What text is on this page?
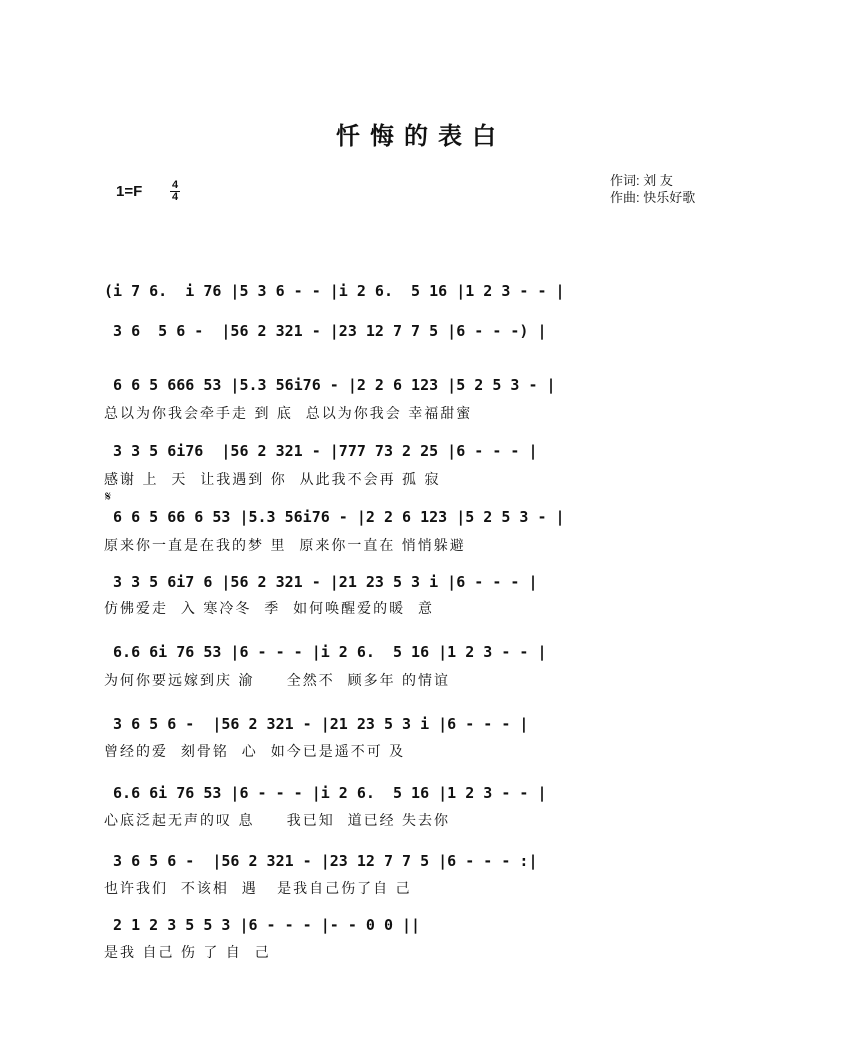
忏悔的表白
1=F	4
4
作词: 刘 友
作曲: 快乐好歌
𝄋
(i 7 6.  i 76 |5 3 6 - - |i 2 6.  5 16 |1 2 3 - - |
3 6  5 6 -  |56 2 321 - |23 12 7 7 5 |6 - - -) |
6 6 5 666 53 |5.3 56i76 - |2 2 6 123 |5 2 5 3 - |
总以为你我会牵手走 到 底  总以为你我会 幸福甜蜜
3 3 5 6i76  |56 2 321 - |777 73 2 25 |6 - - - |
感谢 上  天  让我遇到 你  从此我不会再 孤 寂
6 6 5 66 6 53 |5.3 56i76 - |2 2 6 123 |5 2 5 3 - |
原来你一直是在我的梦 里  原来你一直在 悄悄躲避
3 3 5 6i7 6 |56 2 321 - |21 23 5 3 i |6 - - - |
仿佛爱走  入 寒冷冬  季  如何唤醒爱的暖  意
6.6 6i 76 53 |6 - - - |i 2 6.  5 16 |1 2 3 - - |
为何你要远嫁到庆 渝     全然不  顾多年 的情谊
3 6 5 6 -  |56 2 321 - |21 23 5 3 i |6 - - - |
曾经的爱  刻骨铭  心  如今已是遥不可 及
6.6 6i 76 53 |6 - - - |i 2 6.  5 16 |1 2 3 - - |
心底泛起无声的叹 息     我已知  道已经 失去你
3 6 5 6 -  |56 2 321 - |23 12 7 7 5 |6 - - - :|
也许我们  不该相  遇   是我自己伤了自 己
2 1 2 3 5 5 3 |6 - - - |- - 0 0 ||
是我 自己 伤 了 自  己
